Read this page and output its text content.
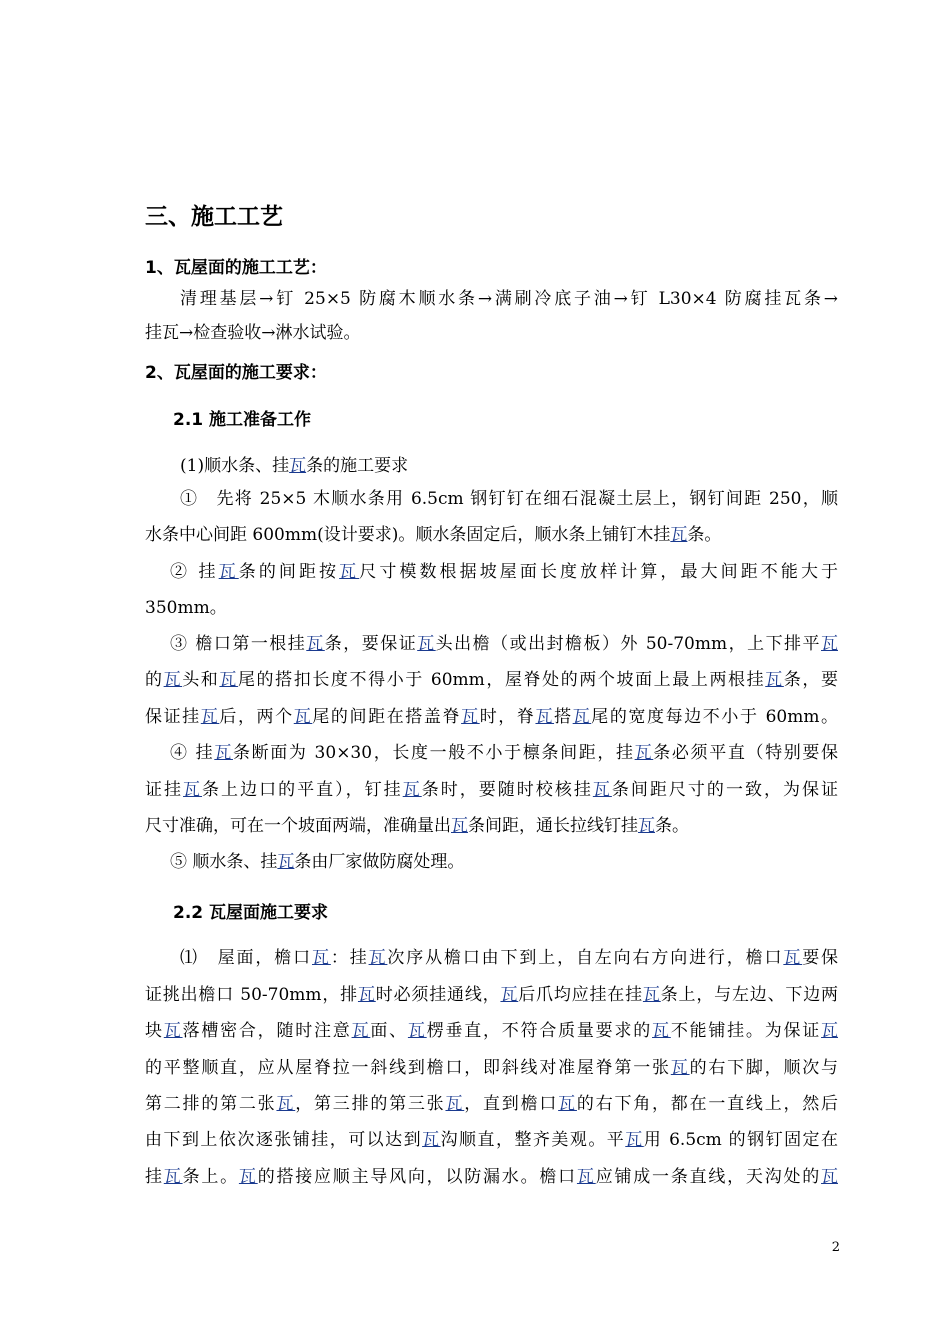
三、施工工艺
1、瓦屋面的施工工艺：
清理基层→钉 25×5 防腐木顺水条→满刷冷底子油→钉 L30×4 防腐挂瓦条→
挂瓦→检查验收→淋水试验。
2、瓦屋面的施工要求：
2.1 施工准备工作
(1)顺水条、挂瓦条的施工要求
①　先将 25×5 木顺水条用 6.5cm 钢钉钉在细石混凝土层上，钢钉间距 250，顺
水条中心间距 600mm(设计要求)。顺水条固定后，顺水条上铺钉木挂瓦条。
② 挂瓦条的间距按瓦尺寸模数根据坡屋面长度放样计算，最大间距不能大于
350mm。
③ 檐口第一根挂瓦条，要保证瓦头出檐（或出封檐板）外 50-70mm，上下排平瓦
的瓦头和瓦尾的搭扣长度不得小于 60mm，屋脊处的两个坡面上最上两根挂瓦条，要
保证挂瓦后，两个瓦尾的间距在搭盖脊瓦时，脊瓦搭瓦尾的宽度每边不小于 60mm。
④ 挂瓦条断面为 30×30，长度一般不小于檩条间距，挂瓦条必须平直（特别要保
证挂瓦条上边口的平直），钉挂瓦条时，要随时校核挂瓦条间距尺寸的一致，为保证
尺寸准确，可在一个坡面两端，准确量出瓦条间距，通长拉线钉挂瓦条。
⑤ 顺水条、挂瓦条由厂家做防腐处理。
2.2 瓦屋面施工要求
⑴　屋面，檐口瓦：挂瓦次序从檐口由下到上，自左向右方向进行，檐口瓦要保
证挑出檐口 50-70mm，排瓦时必须挂通线，瓦后爪均应挂在挂瓦条上，与左边、下边两
块瓦落槽密合，随时注意瓦面、瓦楞垂直，不符合质量要求的瓦不能铺挂。为保证瓦
的平整顺直，应从屋脊拉一斜线到檐口，即斜线对准屋脊第一张瓦的右下脚，顺次与
第二排的第二张瓦，第三排的第三张瓦，直到檐口瓦的右下角，都在一直线上，然后
由下到上依次逐张铺挂，可以达到瓦沟顺直，整齐美观。平瓦用 6.5cm 的钢钉固定在
挂瓦条上。瓦的搭接应顺主导风向，以防漏水。檐口瓦应铺成一条直线，天沟处的瓦
2
